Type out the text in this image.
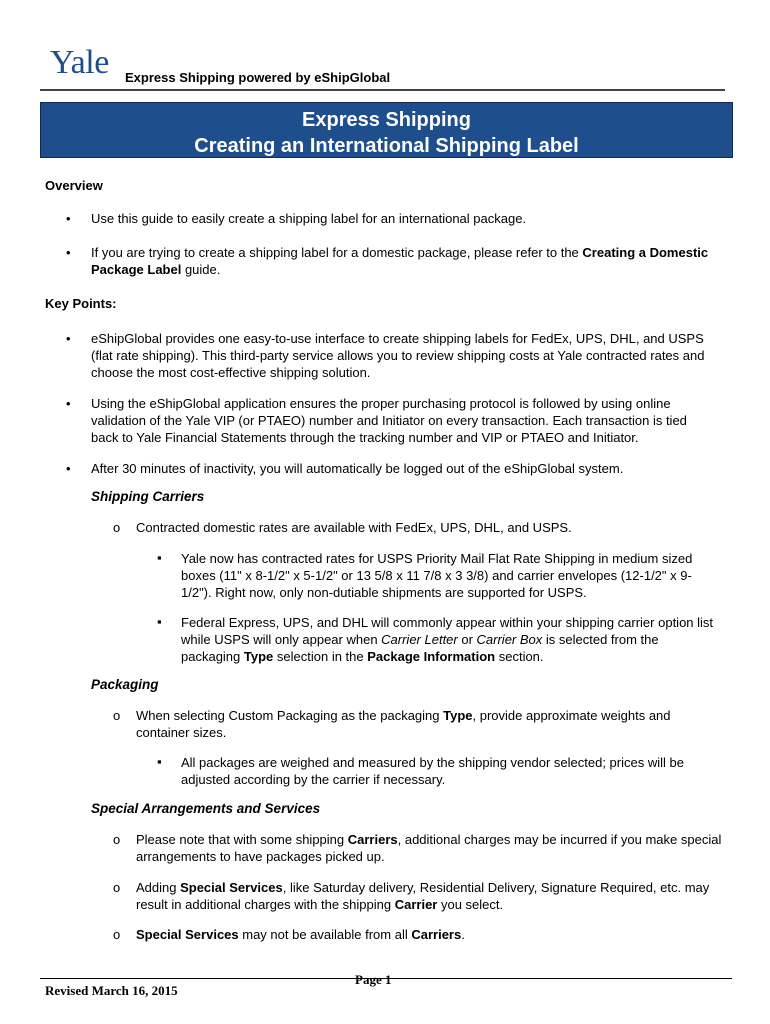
Yale Express Shipping powered by eShipGlobal
Express Shipping
Creating an International Shipping Label
Overview
• Use this guide to easily create a shipping label for an international package.
• If you are trying to create a shipping label for a domestic package, please refer to the Creating a Domestic Package Label guide.
Key Points:
• eShipGlobal provides one easy-to-use interface to create shipping labels for FedEx, UPS, DHL, and USPS (flat rate shipping). This third-party service allows you to review shipping costs at Yale contracted rates and choose the most cost-effective shipping solution.
• Using the eShipGlobal application ensures the proper purchasing protocol is followed by using online validation of the Yale VIP (or PTAEO) number and Initiator on every transaction. Each transaction is tied back to Yale Financial Statements through the tracking number and VIP or PTAEO and Initiator.
• After 30 minutes of inactivity, you will automatically be logged out of the eShipGlobal system.
Shipping Carriers
o Contracted domestic rates are available with FedEx, UPS, DHL, and USPS.
▪ Yale now has contracted rates for USPS Priority Mail Flat Rate Shipping in medium sized boxes (11" x 8-1/2" x 5-1/2" or 13 5/8 x 11 7/8 x 3 3/8) and carrier envelopes (12-1/2" x 9-1/2"). Right now, only non-dutiable shipments are supported for USPS.
▪ Federal Express, UPS, and DHL will commonly appear within your shipping carrier option list while USPS will only appear when Carrier Letter or Carrier Box is selected from the packaging Type selection in the Package Information section.
Packaging
o When selecting Custom Packaging as the packaging Type, provide approximate weights and container sizes.
▪ All packages are weighed and measured by the shipping vendor selected; prices will be adjusted according by the carrier if necessary.
Special Arrangements and Services
o Please note that with some shipping Carriers, additional charges may be incurred if you make special arrangements to have packages picked up.
o Adding Special Services, like Saturday delivery, Residential Delivery, Signature Required, etc. may result in additional charges with the shipping Carrier you select.
o Special Services may not be available from all Carriers.
Page 1
Revised March 16, 2015
